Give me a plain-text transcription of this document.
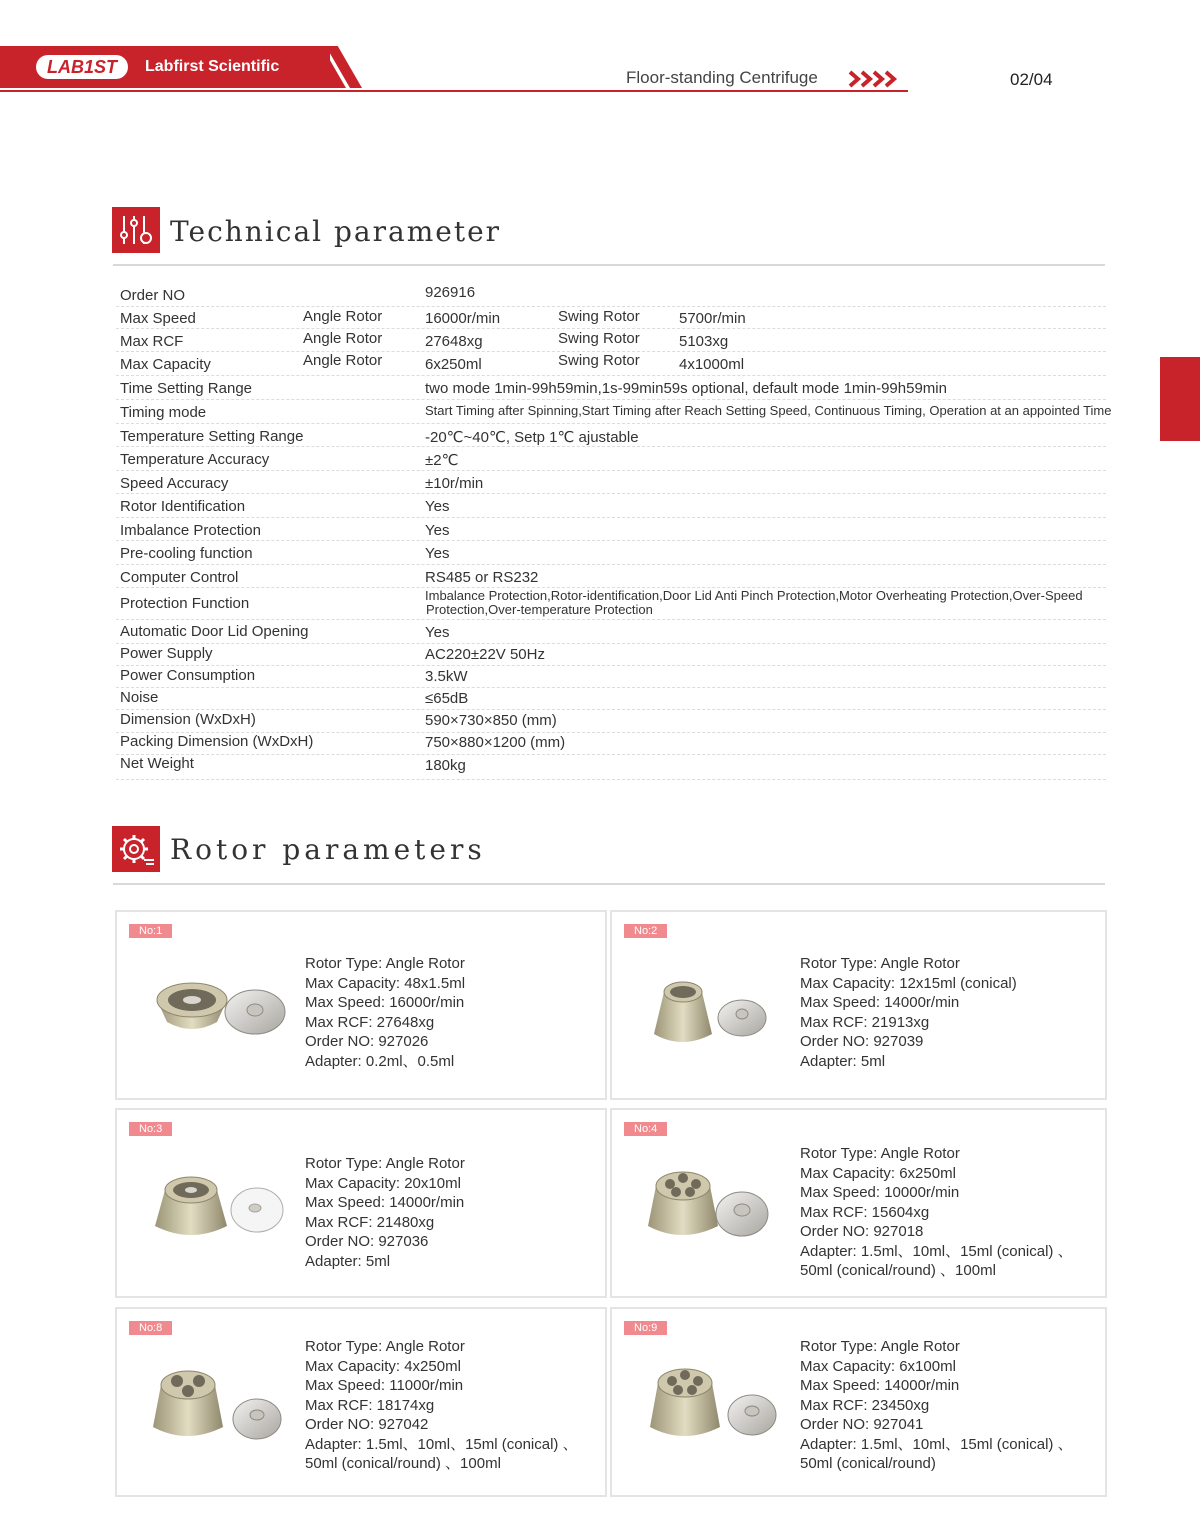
LAB1ST	Labfirst Scientific
Floor-standing Centrifuge	02/04
Technical parameter
Order NO	926916
Max Speed	Angle Rotor	16000r/min	Swing Rotor	5700r/min
Max RCF	Angle Rotor	27648xg	Swing Rotor	5103xg
Max Capacity	Angle Rotor	6x250ml	Swing Rotor	4x1000ml
Time Setting Range	two mode 1min-99h59min,1s-99min59s optional, default mode 1min-99h59min
Timing mode	Start Timing after Spinning,Start Timing after Reach Setting Speed, Continuous Timing, Operation at an appointed Time
Temperature Setting Range	-20℃~40℃, Setp 1℃ ajustable
Temperature Accuracy	±2℃
Speed Accuracy	±10r/min
Rotor Identification	Yes
Imbalance Protection	Yes
Pre-cooling function	Yes
Computer Control	RS485 or RS232
Protection Function	Imbalance Protection,Rotor-identification,Door Lid Anti Pinch Protection,Motor Overheating Protection,Over-Speed
Protection,Over-temperature Protection
Automatic Door Lid Opening	Yes
Power Supply	AC220±22V 50Hz
Power Consumption	3.5kW
Noise	≤65dB
Dimension (WxDxH)	590×730×850 (mm)
Packing Dimension (WxDxH)	750×880×1200 (mm)
Net Weight	180kg
Rotor parameters
No:1
Rotor Type: Angle Rotor
Max Capacity: 48x1.5ml
Max Speed: 16000r/min
Max RCF: 27648xg
Order NO: 927026
Adapter: 0.2ml、0.5ml
No:2
Rotor Type: Angle Rotor
Max Capacity: 12x15ml (conical)
Max Speed: 14000r/min
Max RCF: 21913xg
Order NO: 927039
Adapter: 5ml
No:3
Rotor Type: Angle Rotor
Max Capacity: 20x10ml
Max Speed: 14000r/min
Max RCF: 21480xg
Order NO: 927036
Adapter: 5ml
No:4
Rotor Type: Angle Rotor
Max Capacity: 6x250ml
Max Speed: 10000r/min
Max RCF: 15604xg
Order NO: 927018
Adapter: 1.5ml、10ml、15ml (conical) 、
50ml (conical/round) 、100ml
No:8
Rotor Type: Angle Rotor
Max Capacity: 4x250ml
Max Speed: 11000r/min
Max RCF: 18174xg
Order NO: 927042
Adapter: 1.5ml、10ml、15ml (conical) 、
50ml (conical/round) 、100ml
No:9
Rotor Type: Angle Rotor
Max Capacity: 6x100ml
Max Speed: 14000r/min
Max RCF: 23450xg
Order NO: 927041
Adapter: 1.5ml、10ml、15ml (conical) 、
50ml (conical/round)
